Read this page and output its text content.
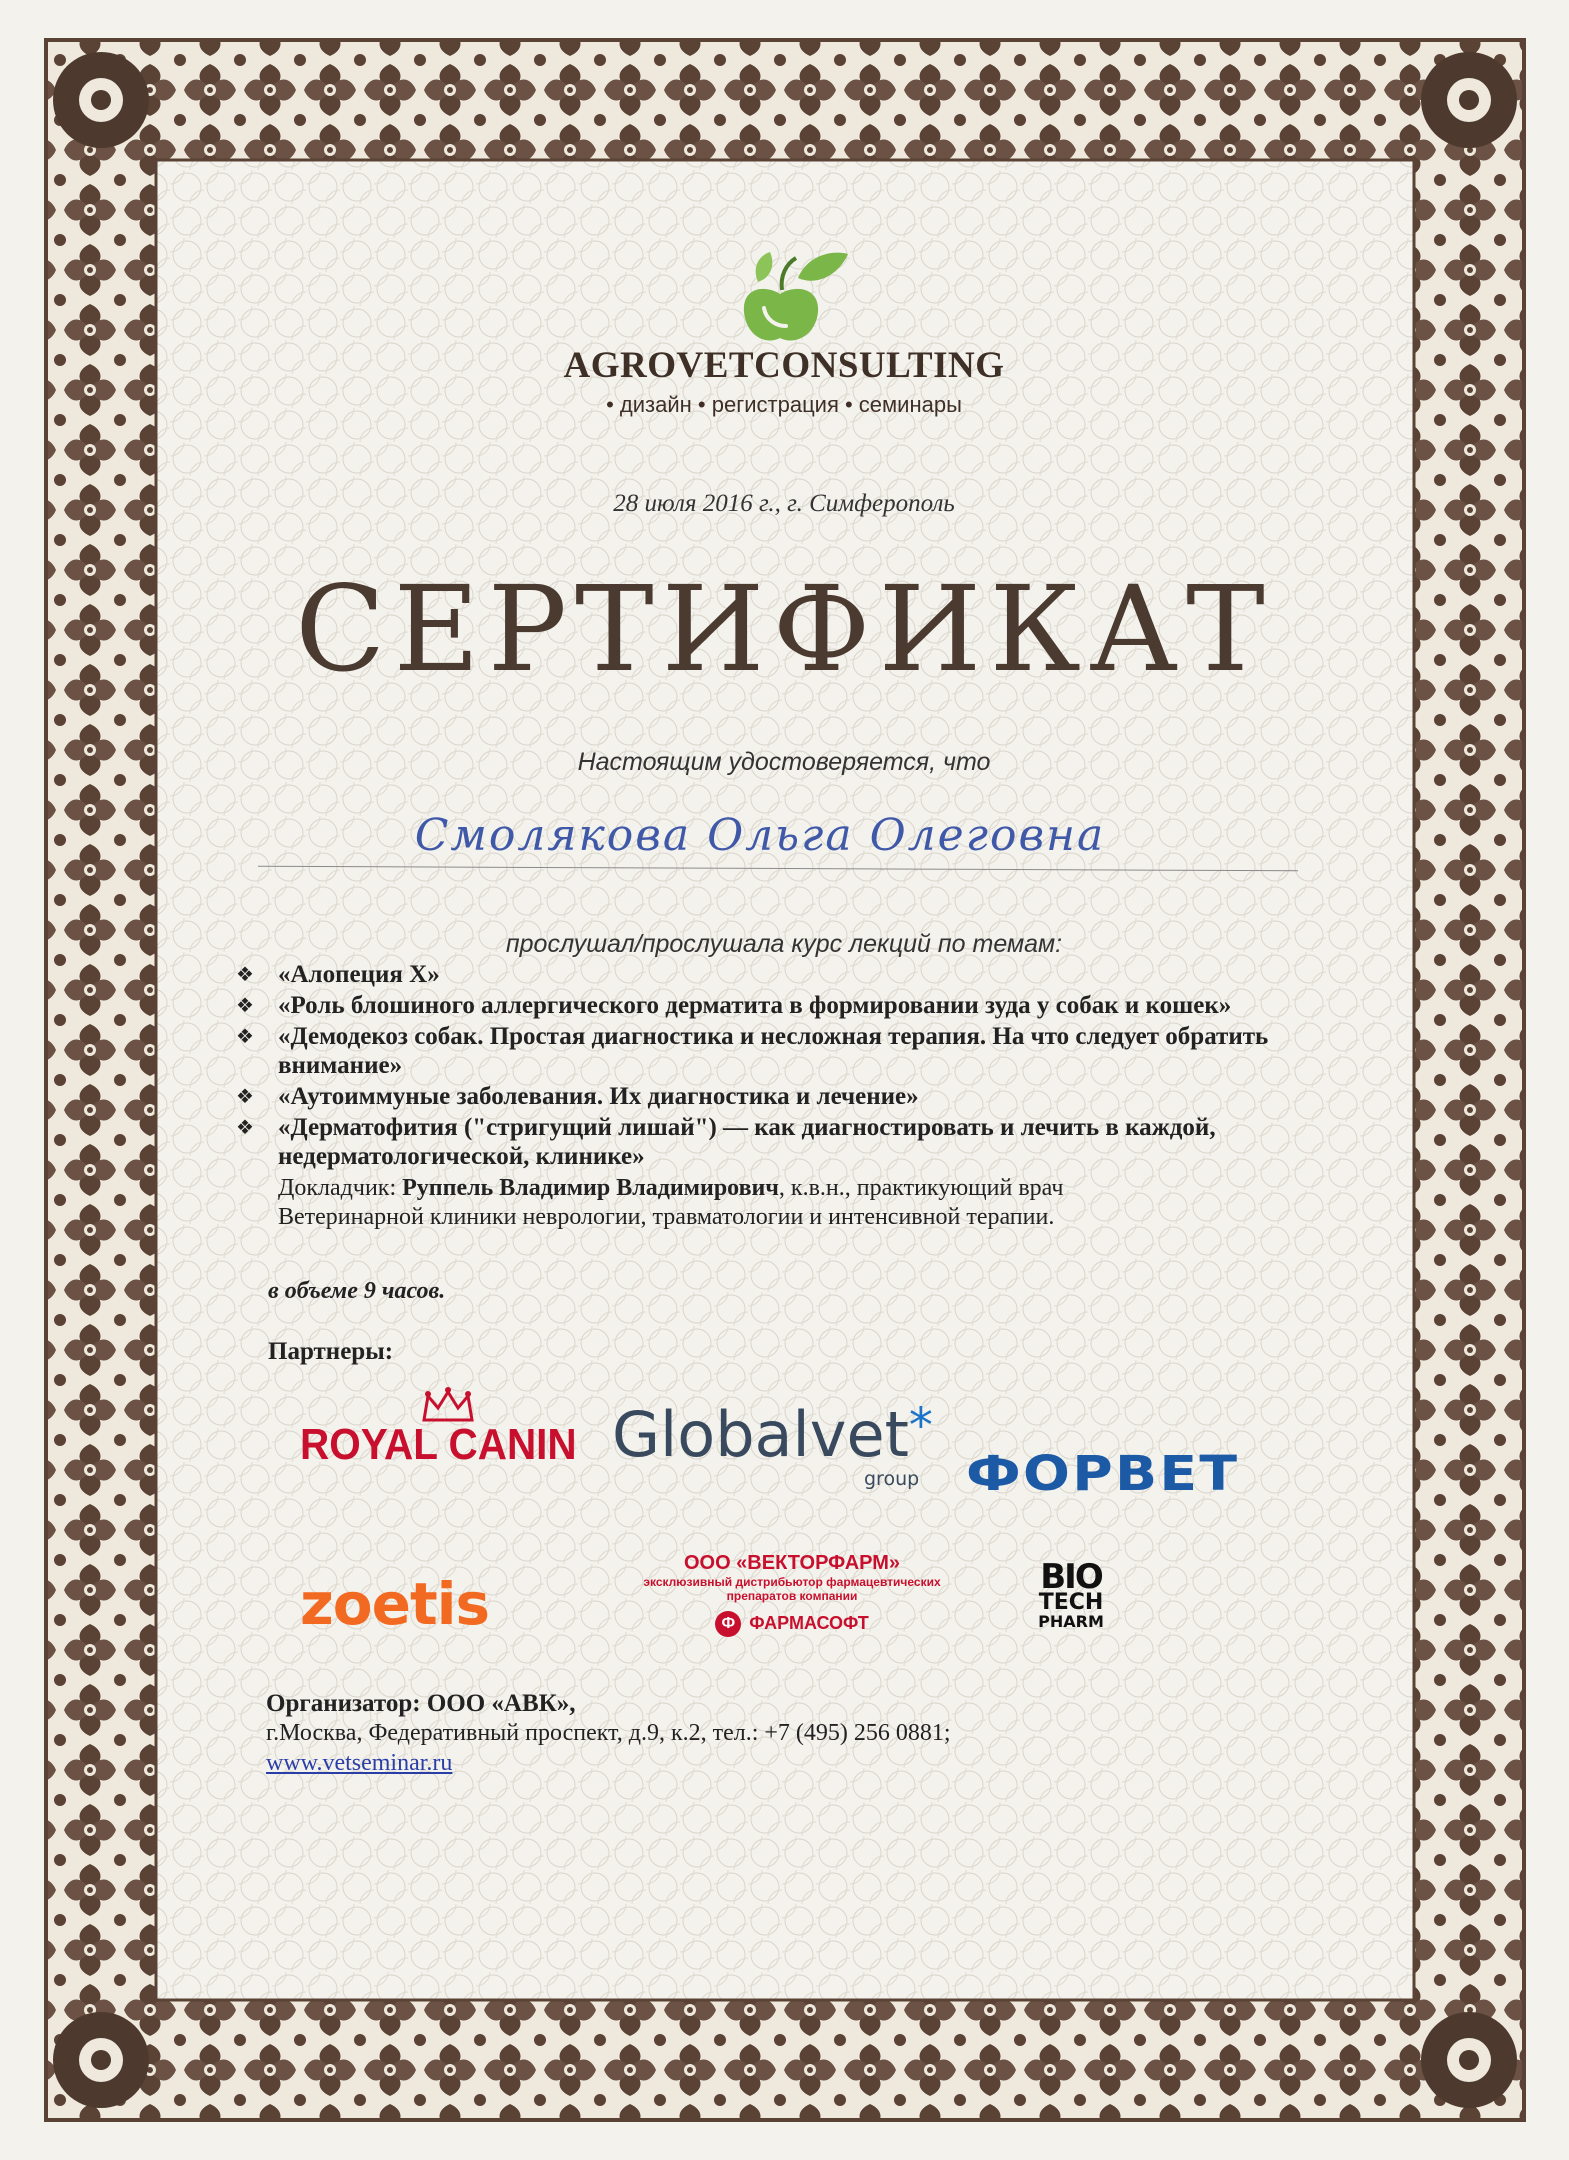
AGROVETCONSULTING
• дизайн • регистрация • семинары
28 июля 2016 г., г. Симферополь
СЕРТИФИКАТ
Настоящим удостоверяется, что
Смолякова Ольга Олеговна
прослушал/прослушала курс лекций по темам:
❖ «Алопеция Х»
❖ «Роль блошиного аллергического дерматита в формировании зуда у собак и кошек»
❖ «Демодекоз собак. Простая диагностика и несложная терапия. На что следует обратить внимание»
❖ «Аутоиммуные заболевания. Их диагностика и лечение»
❖ «Дерматофития ("стригущий лишай") — как диагностировать и лечить в каждой, недерматологической, клинике»
Докладчик: Руппель Владимир Владимирович, к.в.н., практикующий врач
Ветеринарной клиники неврологии, травматологии и интенсивной терапии.
в объеме 9 часов.
Партнеры:
ROYAL CANIN Globalvet*
group ФОРВЕТ
zoetis
ООО «ВЕКТОРФАРМ»
эксклюзивный дистрибьютор фармацевтических препаратов компании
Ф ФАРМАСОФТ
BIO
TECH
PHARM
Организатор: ООО «АВК»,
г.Москва, Федеративный проспект, д.9, к.2, тел.: +7 (495) 256 0881;
www.vetseminar.ru
